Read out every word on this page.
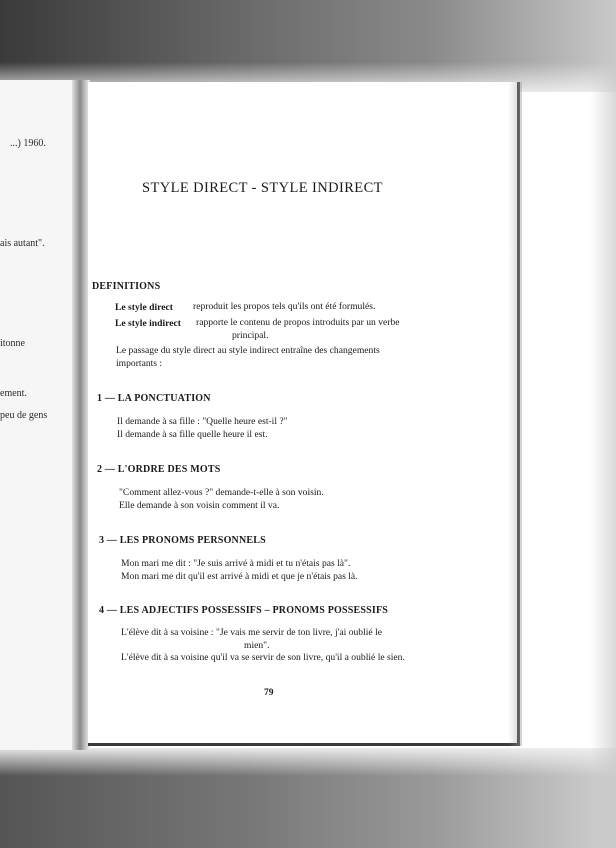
...) 1960.
ais autant".
itonne
ement.
peu de gens
STYLE DIRECT - STYLE INDIRECT
DEFINITIONS
Le style direct reproduit les propos tels qu'ils ont été formulés.
Le style indirect rapporte le contenu de propos introduits par un verbe
principal.
Le passage du style direct au style indirect entraîne des changements
importants :
1 — LA PONCTUATION
Il demande à sa fille : "Quelle heure est-il ?"
Il demande à sa fille quelle heure il est.
2 — L'ORDRE DES MOTS
"Comment allez-vous ?" demande-t-elle à son voisin.
Elle demande à son voisin comment il va.
3 — LES PRONOMS PERSONNELS
Mon mari me dit : "Je suis arrivé à midi et tu n'étais pas là".
Mon mari me dit qu'il est arrivé à midi et que je n'étais pas là.
4 — LES ADJECTIFS POSSESSIFS – PRONOMS POSSESSIFS
L'élève dit à sa voisine : "Je vais me servir de ton livre, j'ai oublié le
mien".
L'élève dit à sa voisine qu'il va se servir de son livre, qu'il a oublié le sien.
79
